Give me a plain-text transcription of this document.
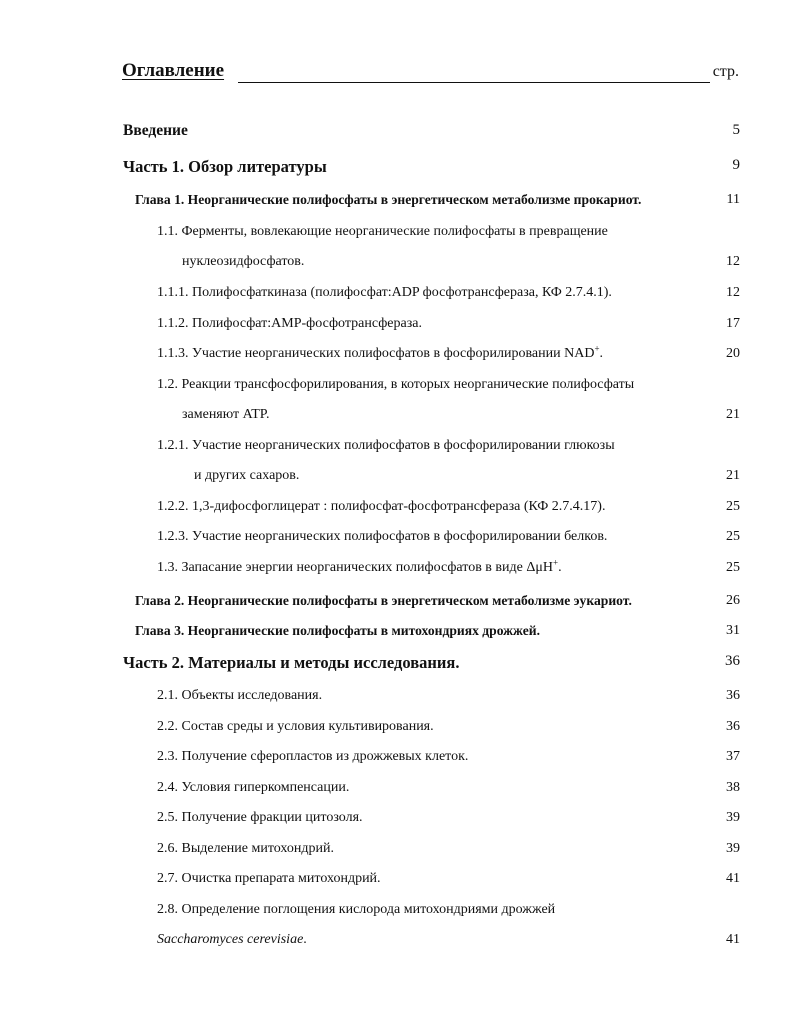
Оглавление	стр.
Введение	5
Часть 1. Обзор литературы	9
Глава 1. Неорганические полифосфаты в энергетическом метаболизме прокариот.	11
1.1. Ферменты, вовлекающие неорганические полифосфаты в превращение
нуклеозидфосфатов.	12
1.1.1. Полифосфаткиназа (полифосфат:ADP фосфотрансфераза, КФ 2.7.4.1).	12
1.1.2. Полифосфат:AMP-фосфотрансфераза.	17
1.1.3. Участие неорганических полифосфатов в фосфорилировании NAD+.	20
1.2. Реакции трансфосфорилирования, в которых неорганические полифосфаты
заменяют ATP.	21
1.2.1. Участие неорганических полифосфатов в фосфорилировании глюкозы
и других сахаров.	21
1.2.2. 1,3-дифосфоглицерат : полифосфат-фосфотрансфераза (КФ 2.7.4.17).	25
1.2.3. Участие неорганических полифосфатов в фосфорилировании белков.	25
1.3. Запасание энергии неорганических полифосфатов в виде ΔμH+.	25
Глава 2. Неорганические полифосфаты в энергетическом метаболизме эукариот.	26
Глава 3. Неорганические полифосфаты в митохондриях дрожжей.	31
Часть 2. Материалы и методы исследования.	36
2.1. Объекты исследования.	36
2.2. Состав среды и условия культивирования.	36
2.3. Получение сферопластов из дрожжевых клеток.	37
2.4. Условия гиперкомпенсации.	38
2.5. Получение фракции цитозоля.	39
2.6. Выделение митохондрий.	39
2.7. Очистка препарата митохондрий.	41
2.8. Определение поглощения кислорода митохондриями дрожжей
Saccharomyces cerevisiae.	41
